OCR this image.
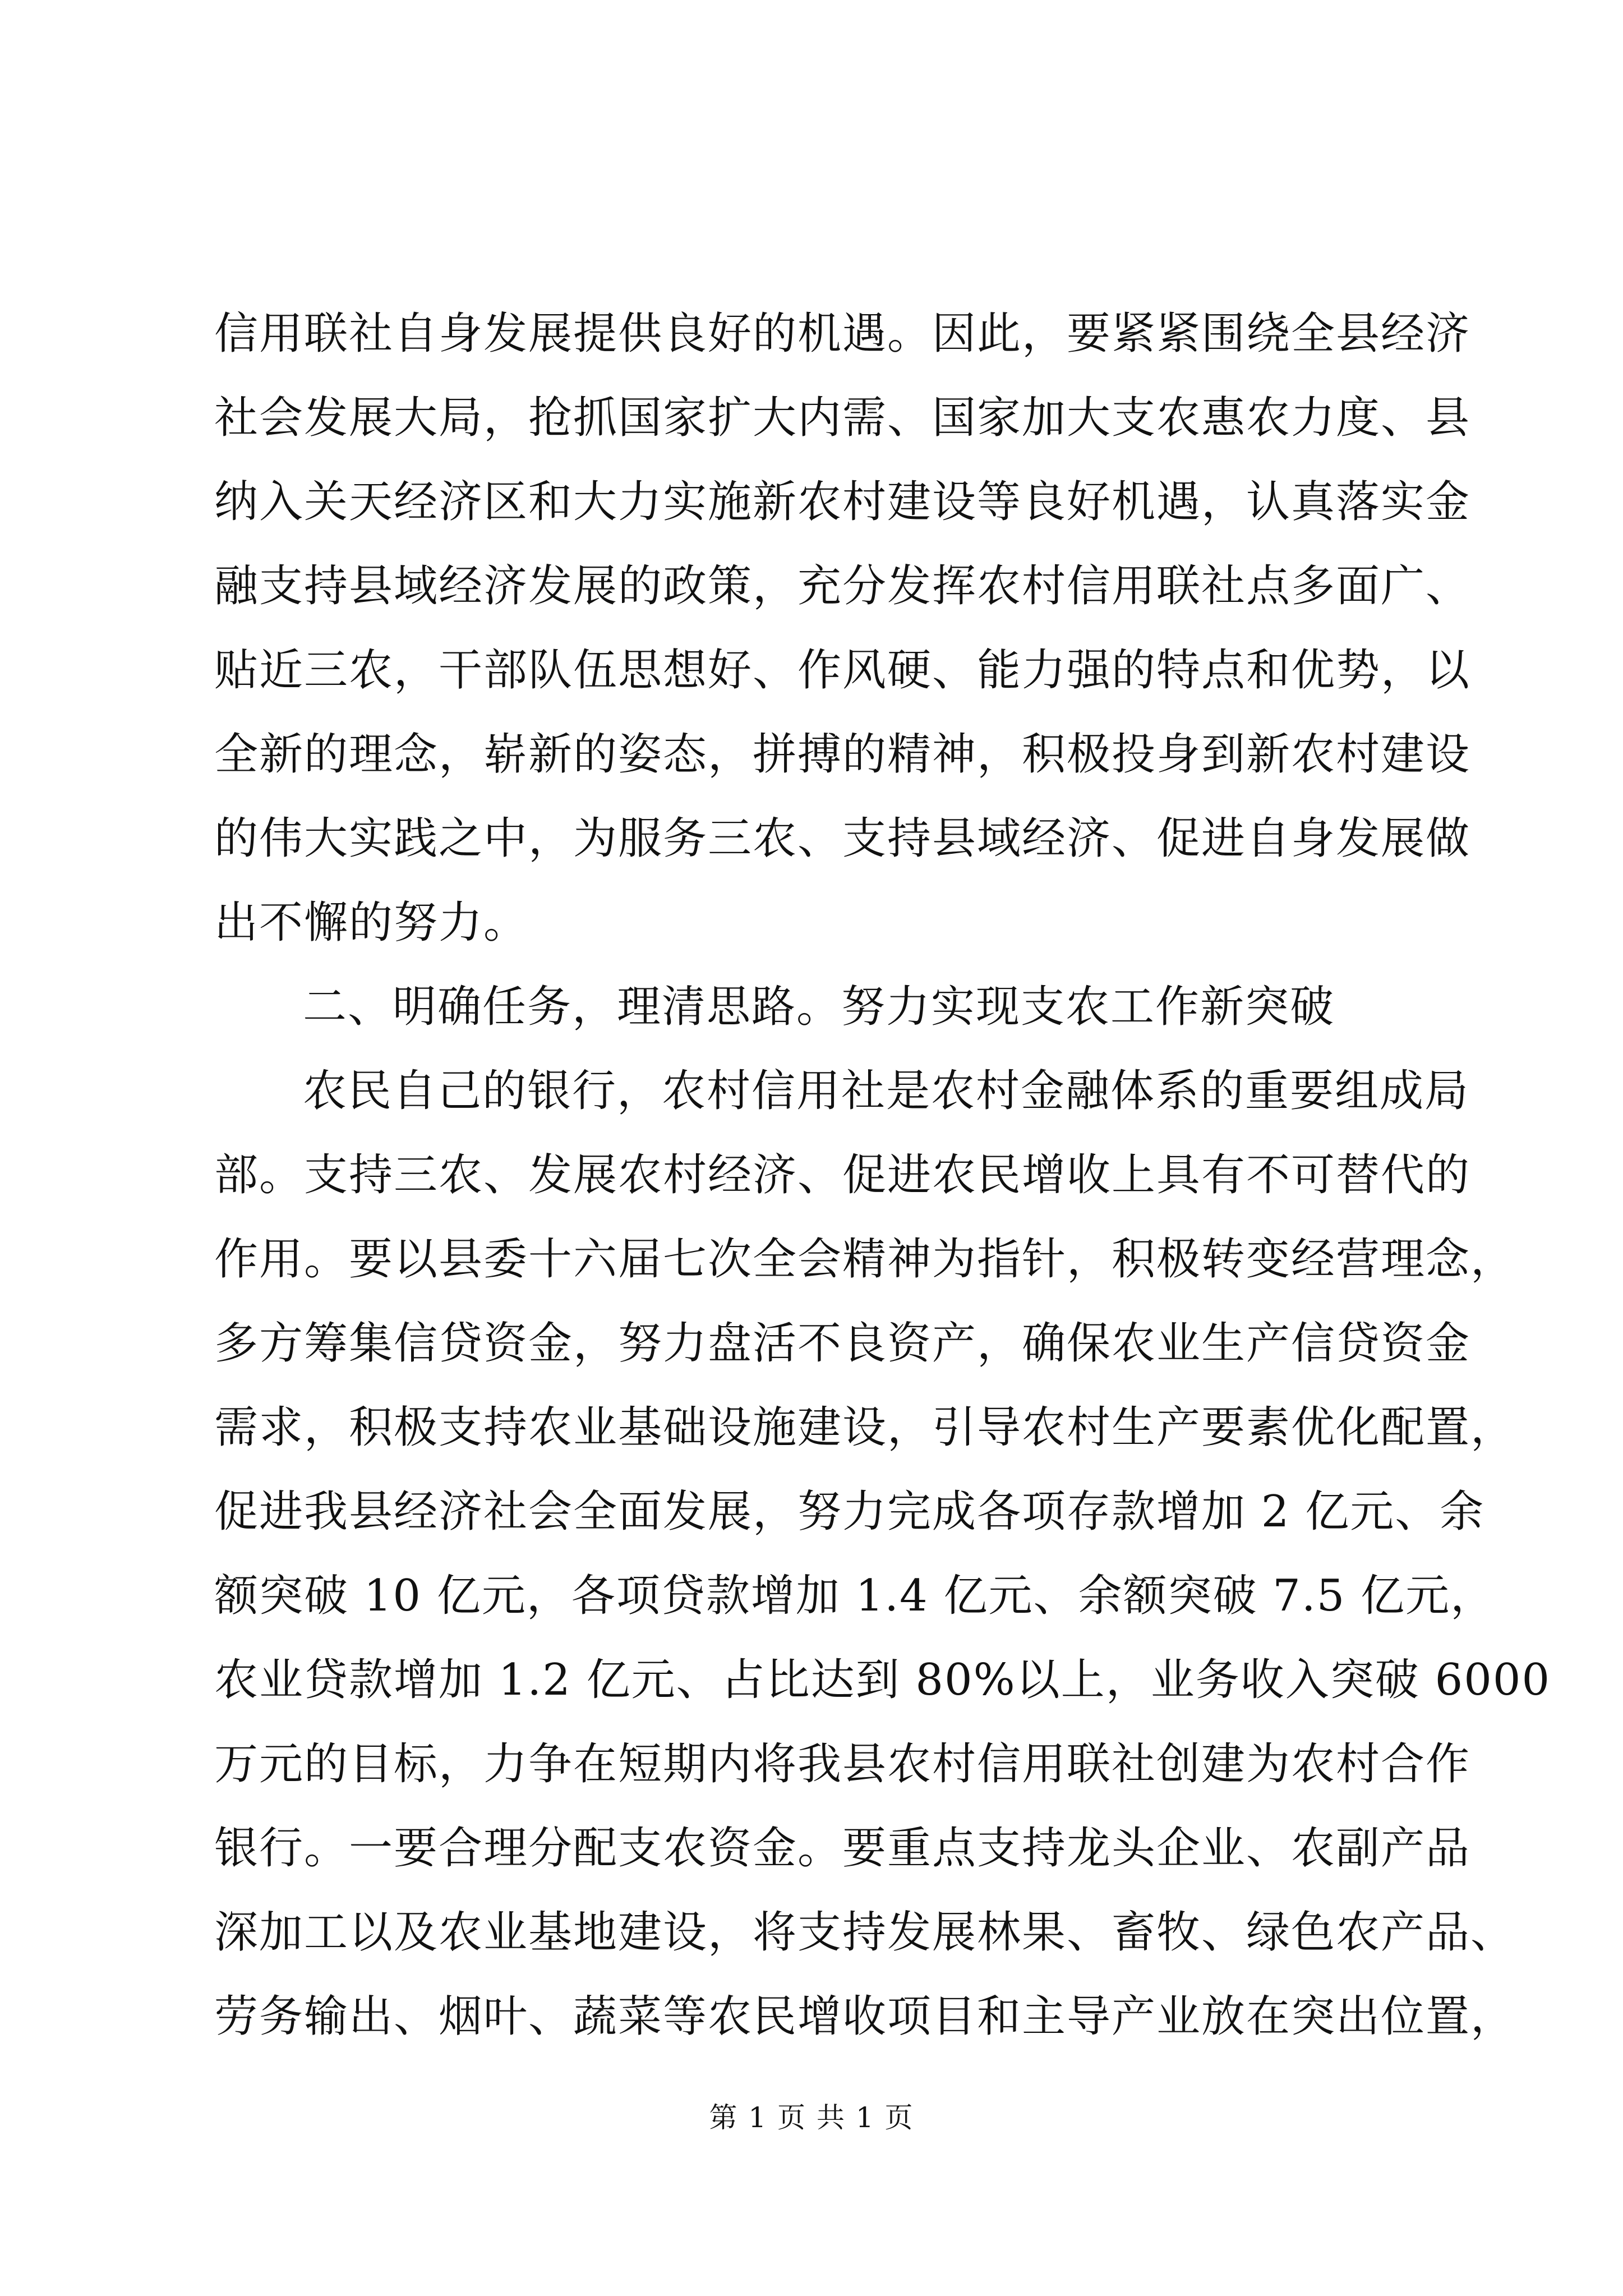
信用联社自身发展提供良好的机遇。因此，要紧紧围绕全县经济
社会发展大局，抢抓国家扩大内需、国家加大支农惠农力度、县
纳入关天经济区和大力实施新农村建设等良好机遇，认真落实金
融支持县域经济发展的政策，充分发挥农村信用联社点多面广、
贴近三农，干部队伍思想好、作风硬、能力强的特点和优势，以
全新的理念，崭新的姿态，拼搏的精神，积极投身到新农村建设
的伟大实践之中，为服务三农、支持县域经济、促进自身发展做
出不懈的努力。
二、明确任务，理清思路。努力实现支农工作新突破
农民自己的银行，农村信用社是农村金融体系的重要组成局
部。支持三农、发展农村经济、促进农民增收上具有不可替代的
作用。要以县委十六届七次全会精神为指针，积极转变经营理念，
多方筹集信贷资金，努力盘活不良资产，确保农业生产信贷资金
需求，积极支持农业基础设施建设，引导农村生产要素优化配置，
促进我县经济社会全面发展，努力完成各项存款增加 2 亿元、余
额突破 10 亿元，各项贷款增加 1.4 亿元、余额突破 7.5 亿元，
农业贷款增加 1.2 亿元、占比达到 80%以上，业务收入突破 6000
万元的目标，力争在短期内将我县农村信用联社创建为农村合作
银行。一要合理分配支农资金。要重点支持龙头企业、农副产品
深加工以及农业基地建设，将支持发展林果、畜牧、绿色农产品、
劳务输出、烟叶、蔬菜等农民增收项目和主导产业放在突出位置，
第 1 页 共 1 页
